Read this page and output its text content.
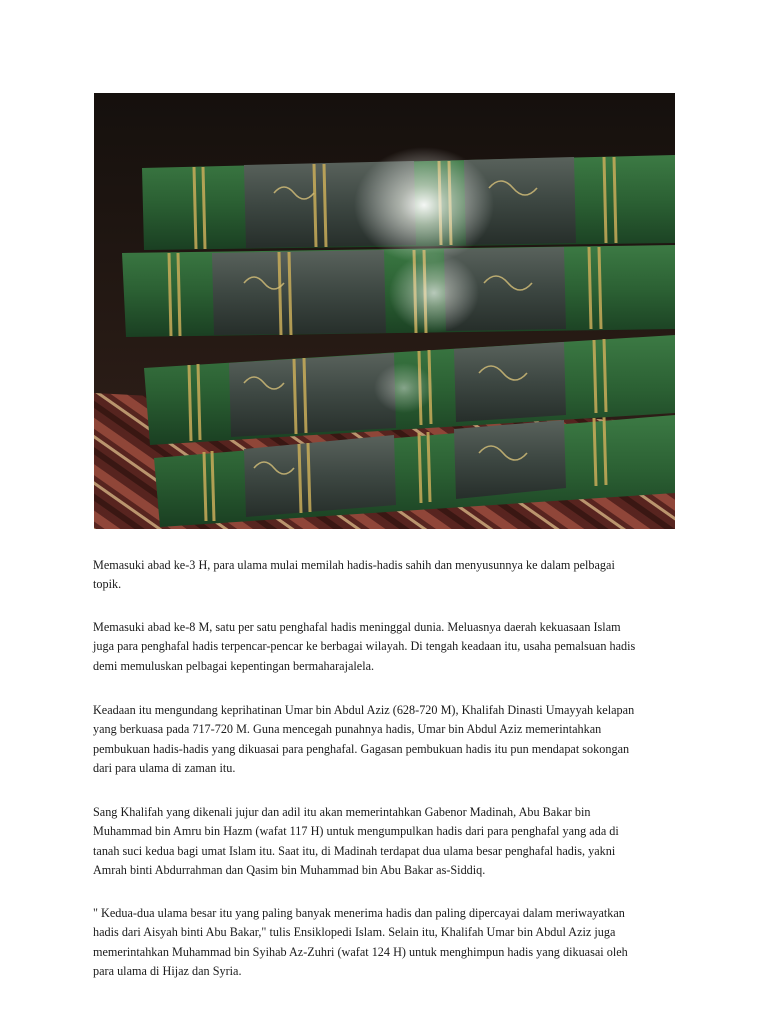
Memasuki abad ke-3 H, para ulama mulai memilah hadis-hadis sahih dan menyusunnya ke dalam pelbagai
topik.

Memasuki abad ke-8 M, satu per satu penghafal hadis meninggal dunia. Meluasnya daerah kekuasaan Islam
juga para penghafal hadis terpencar-pencar ke berbagai wilayah. Di tengah keadaan itu, usaha pemalsuan hadis
demi memuluskan pelbagai kepentingan bermaharajalela.

Keadaan itu mengundang keprihatinan Umar bin Abdul Aziz (628-720 M), Khalifah Dinasti Umayyah kelapan
yang berkuasa pada 717-720 M. Guna mencegah punahnya hadis, Umar bin Abdul Aziz memerintahkan
pembukuan hadis-hadis yang dikuasai para penghafal. Gagasan pembukuan hadis itu pun mendapat sokongan
dari para ulama di zaman itu.

Sang Khalifah yang dikenali jujur dan adil itu akan memerintahkan Gabenor Madinah, Abu Bakar bin
Muhammad bin Amru bin Hazm (wafat 117 H) untuk mengumpulkan hadis dari para penghafal yang ada di
tanah suci kedua bagi umat Islam itu. Saat itu, di Madinah terdapat dua ulama besar penghafal hadis, yakni
Amrah binti Abdurrahman dan Qasim bin Muhammad bin Abu Bakar as-Siddiq.

" Kedua-dua ulama besar itu yang paling banyak menerima hadis dan paling dipercayai dalam meriwayatkan
hadis dari Aisyah binti Abu Bakar," tulis Ensiklopedi Islam. Selain itu, Khalifah Umar bin Abdul Aziz juga
memerintahkan Muhammad bin Syihab Az-Zuhri (wafat 124 H) untuk menghimpun hadis yang dikuasai oleh
para ulama di Hijaz dan Syria.
